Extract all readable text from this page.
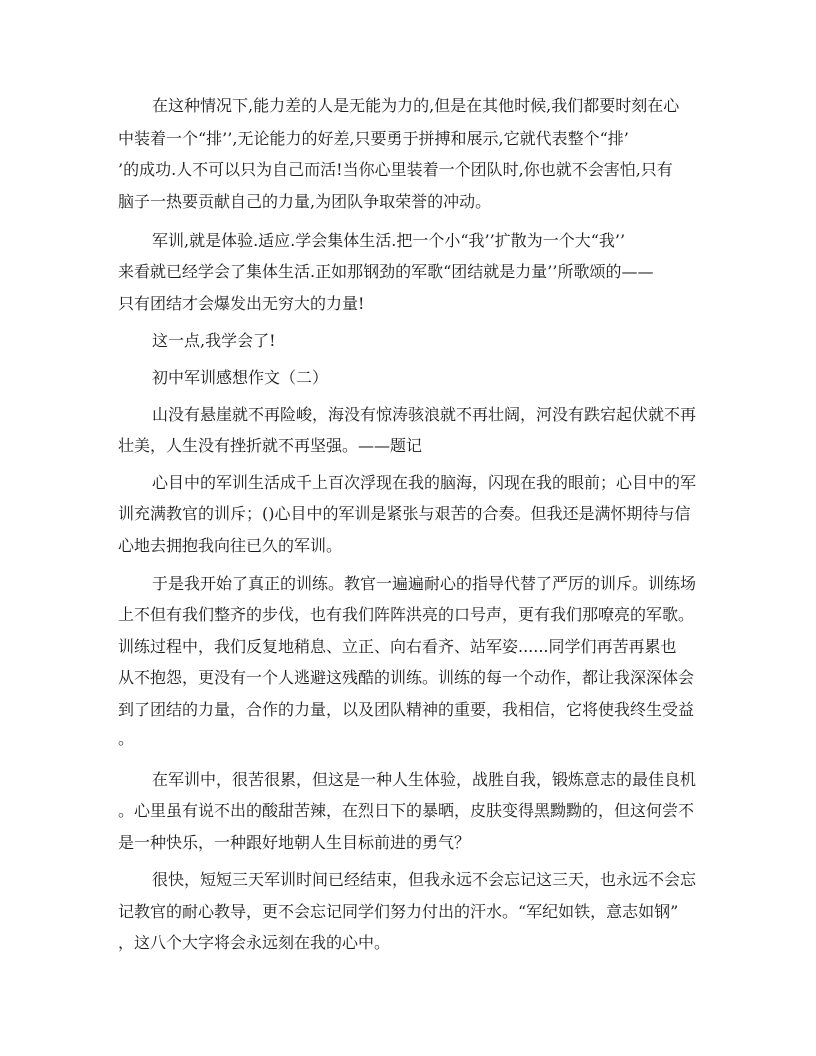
在这种情况下,能力差的人是无能为力的,但是在其他时候,我们都要时刻在心
中装着一个“排’’,无论能力的好差,只要勇于拼搏和展示,它就代表整个“排’
’的成功.人不可以只为自己而活!当你心里装着一个团队时,你也就不会害怕,只有
脑子一热要贡献自己的力量,为团队争取荣誉的冲动。
军训,就是体验.适应.学会集体生活.把一个小“我’’扩散为一个大“我’’
来看就已经学会了集体生活.正如那钢劲的军歌“团结就是力量’’所歌颂的——
只有团结才会爆发出无穷大的力量!
这一点,我学会了!
初中军训感想作文（二）
山没有悬崖就不再险峻，海没有惊涛骇浪就不再壮阔，河没有跌宕起伏就不再
壮美，人生没有挫折就不再坚强。——题记
心目中的军训生活成千上百次浮现在我的脑海，闪现在我的眼前；心目中的军
训充满教官的训斥；()心目中的军训是紧张与艰苦的合奏。但我还是满怀期待与信
心地去拥抱我向往已久的军训。
于是我开始了真正的训练。教官一遍遍耐心的指导代替了严厉的训斥。训练场
上不但有我们整齐的步伐，也有我们阵阵洪亮的口号声，更有我们那嘹亮的军歌。
训练过程中，我们反复地稍息、立正、向右看齐、站军姿......同学们再苦再累也
从不抱怨，更没有一个人逃避这残酷的训练。训练的每一个动作，都让我深深体会
到了团结的力量，合作的力量，以及团队精神的重要，我相信，它将使我终生受益
。
在军训中，很苦很累，但这是一种人生体验，战胜自我，锻炼意志的最佳良机
。心里虽有说不出的酸甜苦辣，在烈日下的暴晒，皮肤变得黑黝黝的，但这何尝不
是一种快乐，一种跟好地朝人生目标前进的勇气？
很快，短短三天军训时间已经结束，但我永远不会忘记这三天，也永远不会忘
记教官的耐心教导，更不会忘记同学们努力付出的汗水。“军纪如铁，意志如钢”
，这八个大字将会永远刻在我的心中。
